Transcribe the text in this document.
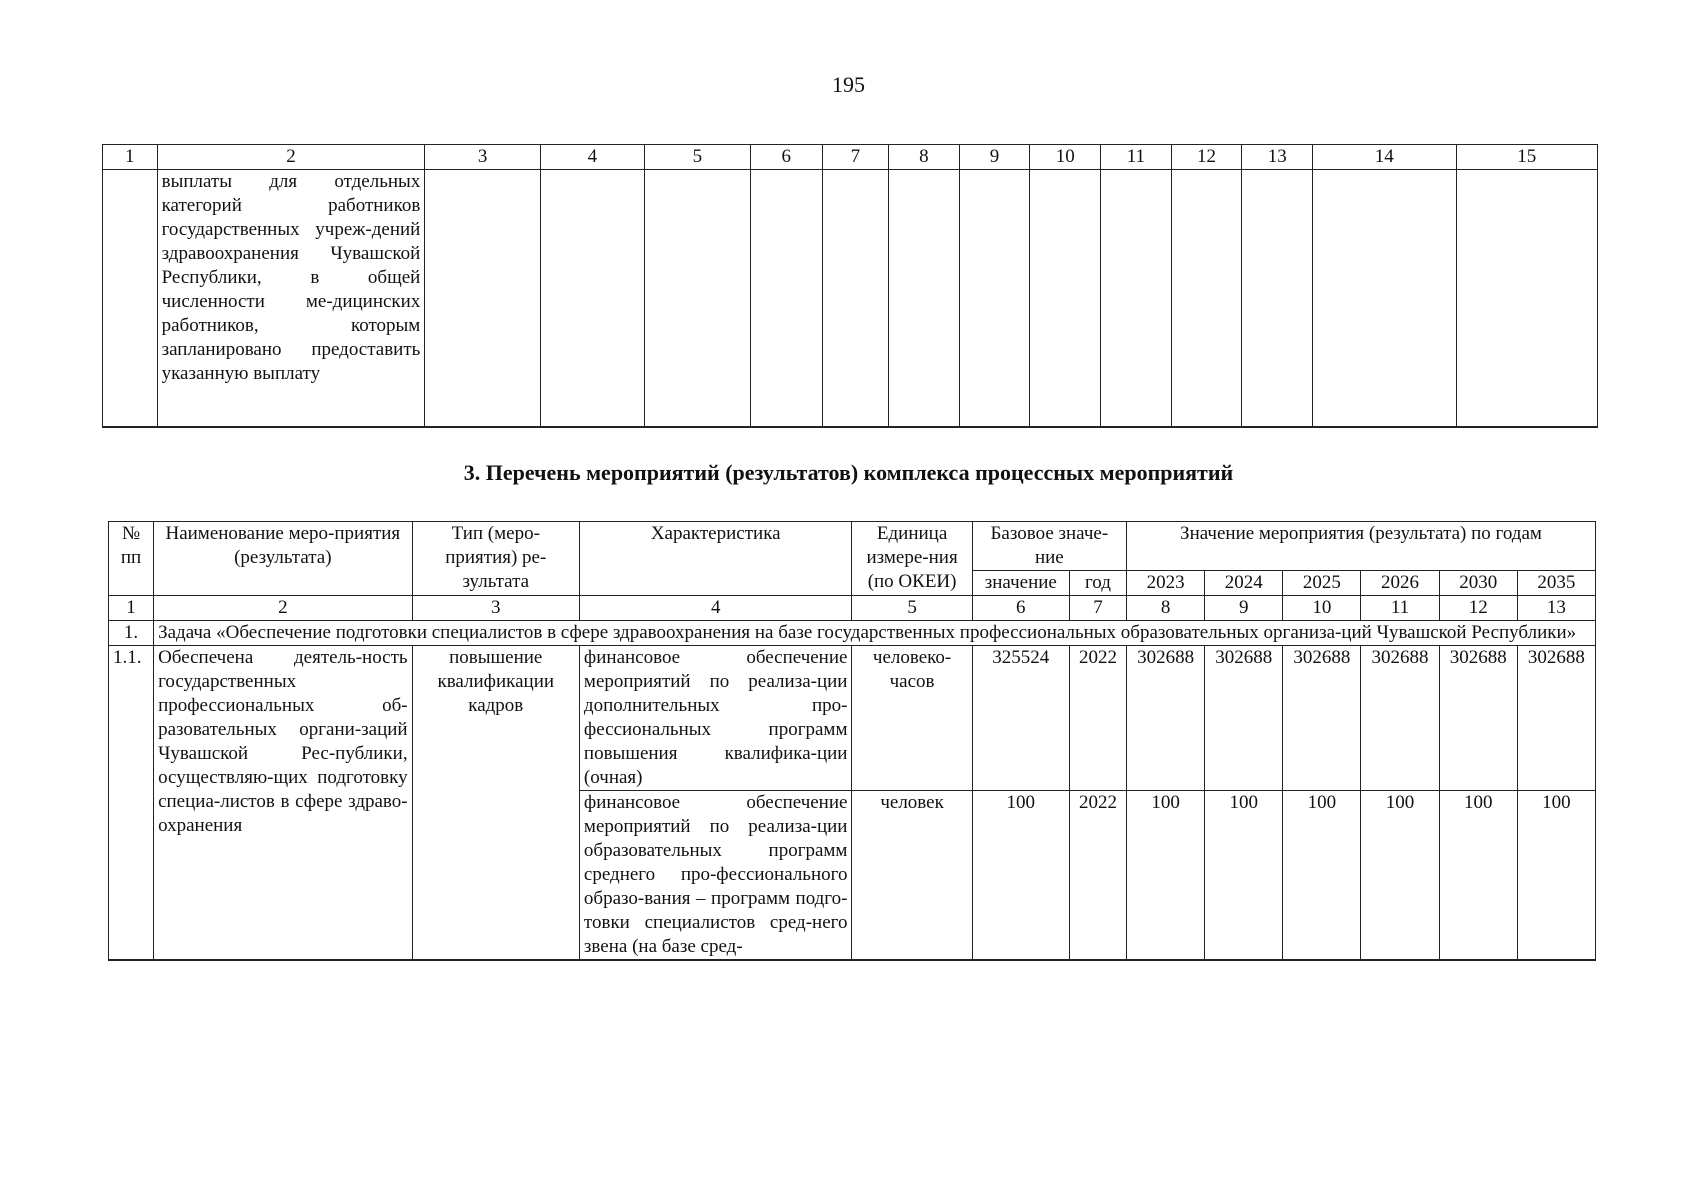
195
1	2	3	4	5	6	7	8	9	10	11	12	13	14	15
	выплаты для отдельных категорий работников государственных учреж-дений здравоохранения Чувашской Республики, в общей численности ме-дицинских работников, которым запланировано предоставить указанную выплату													
3. Перечень мероприятий (результатов) комплекса процессных мероприятий
№ пп	Наименование меро-приятия (результата)	Тип (меро-приятия) ре-зультата	Характеристика	Единица измере-ния (по ОКЕИ)	Базовое значе-ние		Значение мероприятия (результата) по годам					
					значение	год	2023	2024	2025	2026	2030	2035
1	2	3	4	5	6	7	8	9	10	11	12	13
1.	Задача «Обеспечение подготовки специалистов в сфере здравоохранения на базе государственных профессиональных образовательных организа-ций Чувашской Республики»											
1.1.	Обеспечена деятель-ность государственных профессиональных об-разовательных органи-заций Чувашской Рес-публики, осуществляю-щих подготовку специа-листов в сфере здраво-охранения	повышение квалификации кадров	финансовое обеспечение мероприятий по реализа-ции дополнительных про-фессиональных программ повышения квалифика-ции (очная)	человеко-часов	325524	2022	302688	302688	302688	302688	302688	302688
			финансовое обеспечение мероприятий по реализа-ции образовательных программ среднего про-фессионального образо-вания – программ подго-товки специалистов сред-него звена (на базе сред-	человек	100	2022	100	100	100	100	100	100
